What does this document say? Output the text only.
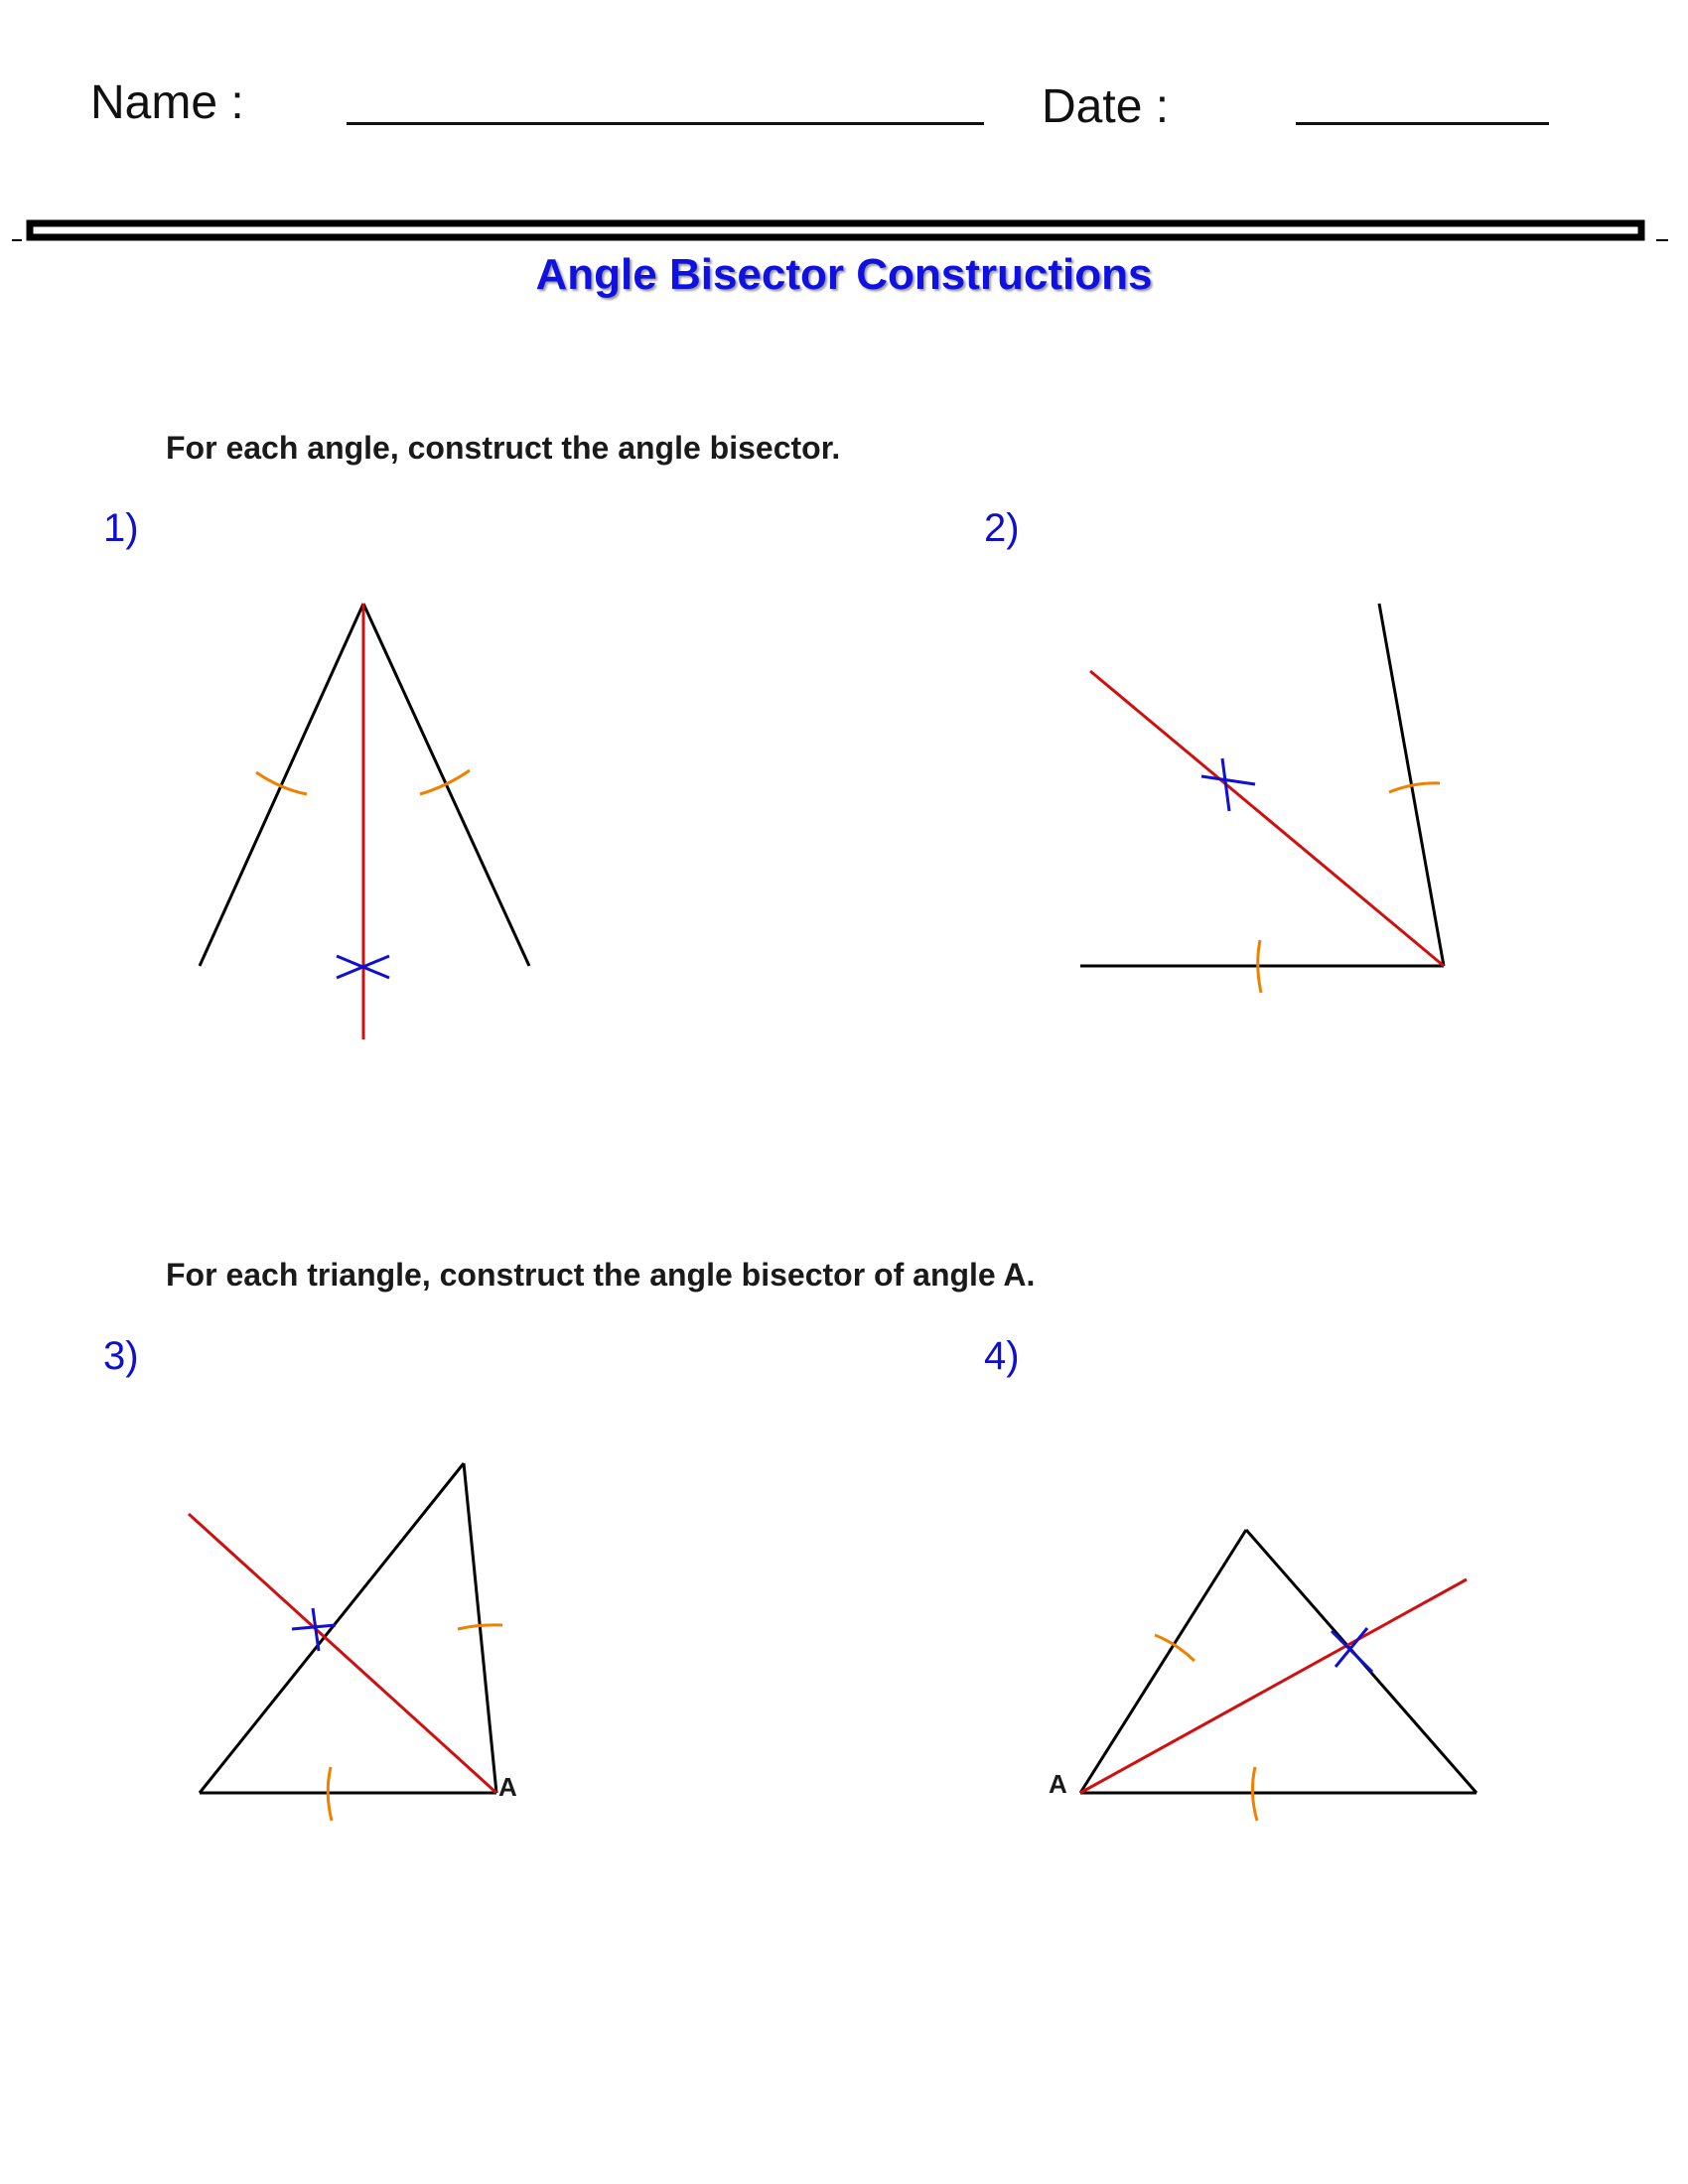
Name :	Date :
Angle Bisector Constructions
For each angle, construct the angle bisector.
1)	2)
For each triangle, construct the angle bisector of angle A.
3)	4)
A	A
